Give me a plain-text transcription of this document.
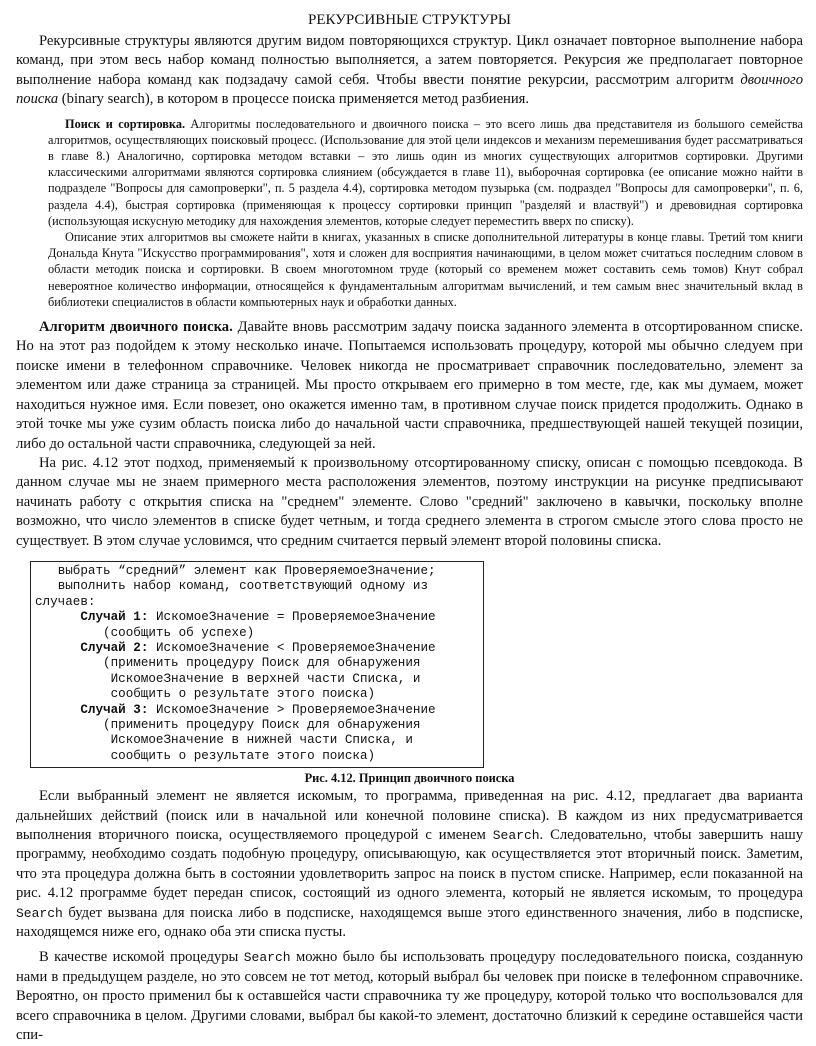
РЕКУРСИВНЫЕ СТРУКТУРЫ

Рекурсивные структуры являются другим видом повторяющихся структур. Цикл означает повторное выполнение набора команд, при этом весь набор команд полностью выполняется, а затем повторяется. Рекурсия же предполагает повторное выполнение набора команд как подзадачу самой себя. Чтобы ввести понятие рекурсии, рассмотрим алгоритм двоичного поиска (binary search), в котором в процессе поиска применяется метод разбиения.

Поиск и сортировка. Алгоритмы последовательного и двоичного поиска – это всего лишь два представителя из большого семейства алгоритмов, осуществляющих поисковый процесс. (Использование для этой цели индексов и механизм перемешивания будет рассматриваться в главе 8.) Аналогично, сортировка методом вставки – это лишь один из многих существующих алгоритмов сортировки. Другими классическими алгоритмами являются сортировка слиянием (обсуждается в главе 11), выборочная сортировка (ее описание можно найти в подразделе "Вопросы для самопроверки", п. 5 раздела 4.4), сортировка методом пузырька (см. подраздел "Вопросы для самопроверки", п. 6, раздела 4.4), быстрая сортировка (применяющая к процессу сортировки принцип "разделяй и властвуй") и древовидная сортировка (использующая искусную методику для нахождения элементов, которые следует переместить вверх по списку).

Описание этих алгоритмов вы сможете найти в книгах, указанных в списке дополнительной литературы в конце главы. Третий том книги Дональда Кнута "Искусство программирования", хотя и сложен для восприятия начинающими, в целом может считаться последним словом в области методик поиска и сортировки. В своем многотомном труде (который со временем может составить семь томов) Кнут собрал невероятное количество информации, относящейся к фундаментальным алгоритмам вычислений, и тем самым внес значительный вклад в библиотеки специалистов в области компьютерных наук и обработки данных.

Алгоритм двоичного поиска. Давайте вновь рассмотрим задачу поиска заданного элемента в отсортированном списке. Но на этот раз подойдем к этому несколько иначе. Попытаемся использовать процедуру, которой мы обычно следуем при поиске имени в телефонном справочнике. Человек никогда не просматривает справочник последовательно, элемент за элементом или даже страница за страницей. Мы просто открываем его примерно в том месте, где, как мы думаем, может находиться нужное имя. Если повезет, оно окажется именно там, в противном случае поиск придется продолжить. Однако в этой точке мы уже сузим область поиска либо до начальной части справочника, предшествующей нашей текущей позиции, либо до остальной части справочника, следующей за ней.

На рис. 4.12 этот подход, применяемый к произвольному отсортированному списку, описан с помощью псевдокода. В данном случае мы не знаем примерного места расположения элементов, поэтому инструкции на рисунке предписывают начинать работу с открытия списка на "среднем" элементе. Слово "средний" заключено в кавычки, поскольку вполне возможно, что число элементов в списке будет четным, и тогда среднего элемента в строгом смысле этого слова просто не существует. В этом случае условимся, что средним считается первый элемент второй половины списка.

выбрать “средний” элемент как ПроверяемоеЗначение;
выполнить набор команд, соответствующий одному из
случаев:
Случай 1: ИскомоеЗначение = ПроверяемоеЗначение
(сообщить об успехе)
Случай 2: ИскомоеЗначение < ПроверяемоеЗначение
(применить процедуру Поиск для обнаружения
ИскомоеЗначение в верхней части Списка, и
сообщить о результате этого поиска)
Случай 3: ИскомоеЗначение > ПроверяемоеЗначение
(применить процедуру Поиск для обнаружения
ИскомоеЗначение в нижней части Списка, и
сообщить о результате этого поиска)
Рис. 4.12. Принцип двоичного поиска

Если выбранный элемент не является искомым, то программа, приведенная на рис. 4.12, предлагает два варианта дальнейших действий (поиск или в начальной или конечной половине списка). В каждом из них предусматривается выполнения вторичного поиска, осуществляемого процедурой с именем Search. Следовательно, чтобы завершить нашу программу, необходимо создать подобную процедуру, описывающую, как осуществляется этот вторичный поиск. Заметим, что эта процедура должна быть в состоянии удовлетворить запрос на поиск в пустом списке. Например, если показанной на рис. 4.12 программе будет передан список, состоящий из одного элемента, который не является искомым, то процедура Search будет вызвана для поиска либо в подсписке, находящемся выше этого единственного значения, либо в подсписке, находящемся ниже его, однако оба эти списка пусты.

В качестве искомой процедуры Search можно было бы использовать процедуру последовательного поиска, созданную нами в предыдущем разделе, но это совсем не тот метод, который выбрал бы человек при поиске в телефонном справочнике. Вероятно, он просто применил бы к оставшейся части справочника ту же процедуру, которой только что воспользовался для всего справочника в целом. Другими словами, выбрал бы какой-то элемент, достаточно близкий к середине оставшейся части спи-
